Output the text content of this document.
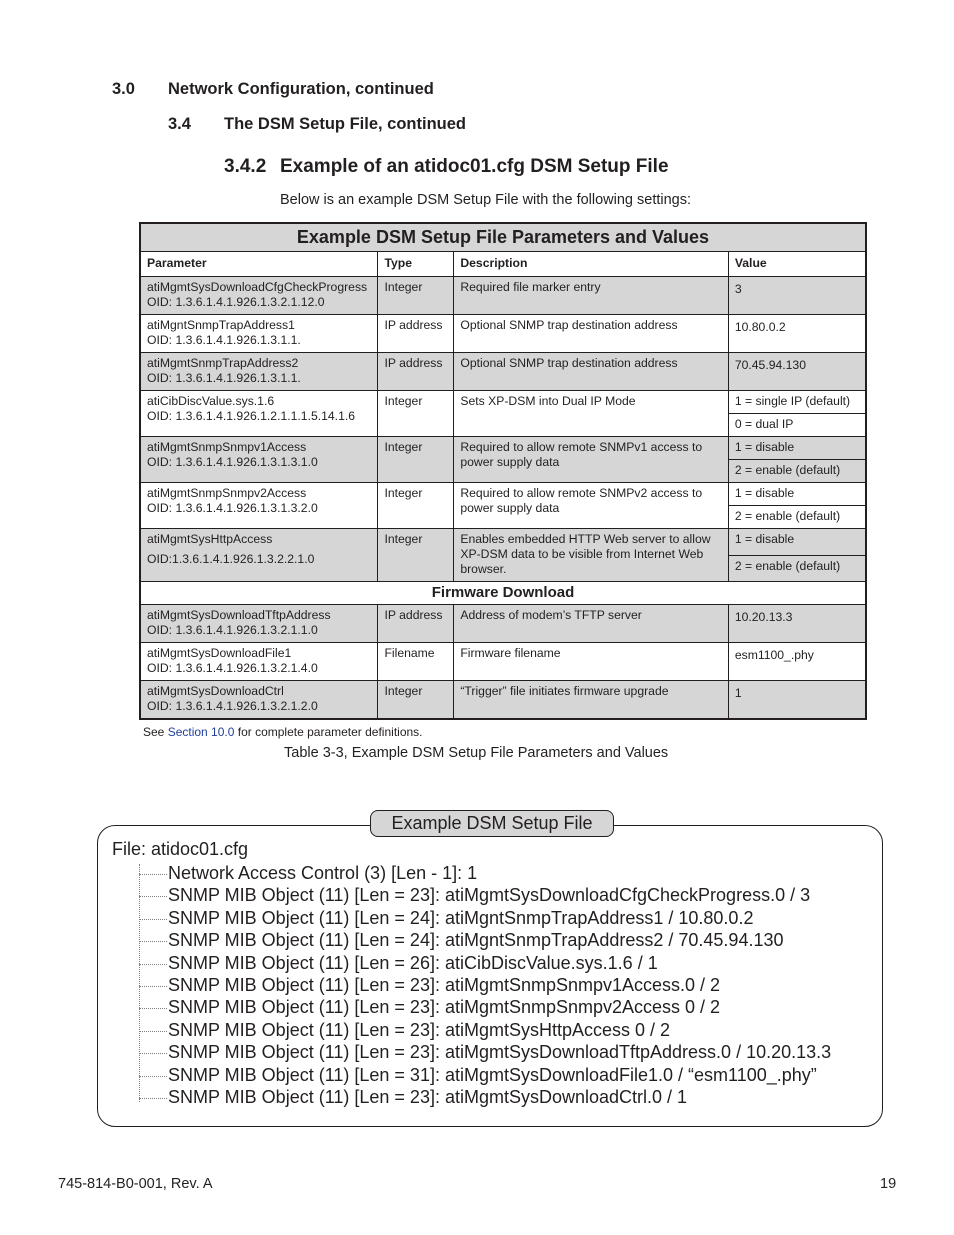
3.0 Network Configuration, continued
3.4 The DSM Setup File, continued
3.4.2 Example of an atidoc01.cfg DSM Setup File
Below is an example DSM Setup File with the following settings:
Example DSM Setup File Parameters and Values			
Parameter	Type	Description	Value

atiMgmtSysDownloadCfgCheckProgress
OID: 1.3.6.1.4.1.926.1.3.2.1.12.0	Integer	Required file marker entry	3

atiMgntSnmpTrapAddress1
OID: 1.3.6.1.4.1.926.1.3.1.1.	IP address	Optional SNMP trap destination address	10.80.0.2

atiMgmtSnmpTrapAddress2
OID: 1.3.6.1.4.1.926.1.3.1.1.	IP address	Optional SNMP trap destination address	70.45.94.130

atiCibDiscValue.sys.1.6
OID: 1.3.6.1.4.1.926.1.2.1.1.1.5.14.1.6	Integer	Sets XP-DSM into Dual IP Mode	1 = single IP (default)
			0 = dual IP

atiMgmtSnmpSnmpv1Access
OID: 1.3.6.1.4.1.926.1.3.1.3.1.0	Integer	Required to allow remote SNMPv1 access to power supply data	1 = disable
			2 = enable (default)

atiMgmtSnmpSnmpv2Access
OID: 1.3.6.1.4.1.926.1.3.1.3.2.0	Integer	Required to allow remote SNMPv2 access to power supply data	1 = disable
			2 = enable (default)

atiMgmtSysHttpAccess
OID:1.3.6.1.4.1.926.1.3.2.2.1.0	Integer	Enables embedded HTTP Web server to allow XP-DSM data to be visible from Internet Web browser.	1 = disable
			2 = enable (default)
Firmware Download			

atiMgmtSysDownloadTftpAddress
OID: 1.3.6.1.4.1.926.1.3.2.1.1.0	IP address	Address of modem’s TFTP server	10.20.13.3

atiMgmtSysDownloadFile1
OID: 1.3.6.1.4.1.926.1.3.2.1.4.0	Filename	Firmware filename	esm1100_.phy

atiMgmtSysDownloadCtrl
OID: 1.3.6.1.4.1.926.1.3.2.1.2.0	Integer	“Trigger” file initiates firmware upgrade	1
See Section 10.0 for complete parameter definitions.
Table 3-3, Example DSM Setup File Parameters and Values
Example DSM Setup File
File: atidoc01.cfg
Network Access Control (3) [Len - 1]: 1
SNMP MIB Object (11) [Len = 23]: atiMgmtSysDownloadCfgCheckProgress.0 / 3
SNMP MIB Object (11) [Len = 24]: atiMgntSnmpTrapAddress1 / 10.80.0.2
SNMP MIB Object (11) [Len = 24]: atiMgntSnmpTrapAddress2 / 70.45.94.130
SNMP MIB Object (11) [Len = 26]: atiCibDiscValue.sys.1.6 / 1
SNMP MIB Object (11) [Len = 23]: atiMgmtSnmpSnmpv1Access.0 / 2
SNMP MIB Object (11) [Len = 23]: atiMgmtSnmpSnmpv2Access 0 / 2
SNMP MIB Object (11) [Len = 23]: atiMgmtSysHttpAccess 0 / 2
SNMP MIB Object (11) [Len = 23]: atiMgmtSysDownloadTftpAddress.0 / 10.20.13.3
SNMP MIB Object (11) [Len = 31]: atiMgmtSysDownloadFile1.0 / “esm1100_.phy”
SNMP MIB Object (11) [Len = 23]: atiMgmtSysDownloadCtrl.0 / 1
745-814-B0-001, Rev. A	19
